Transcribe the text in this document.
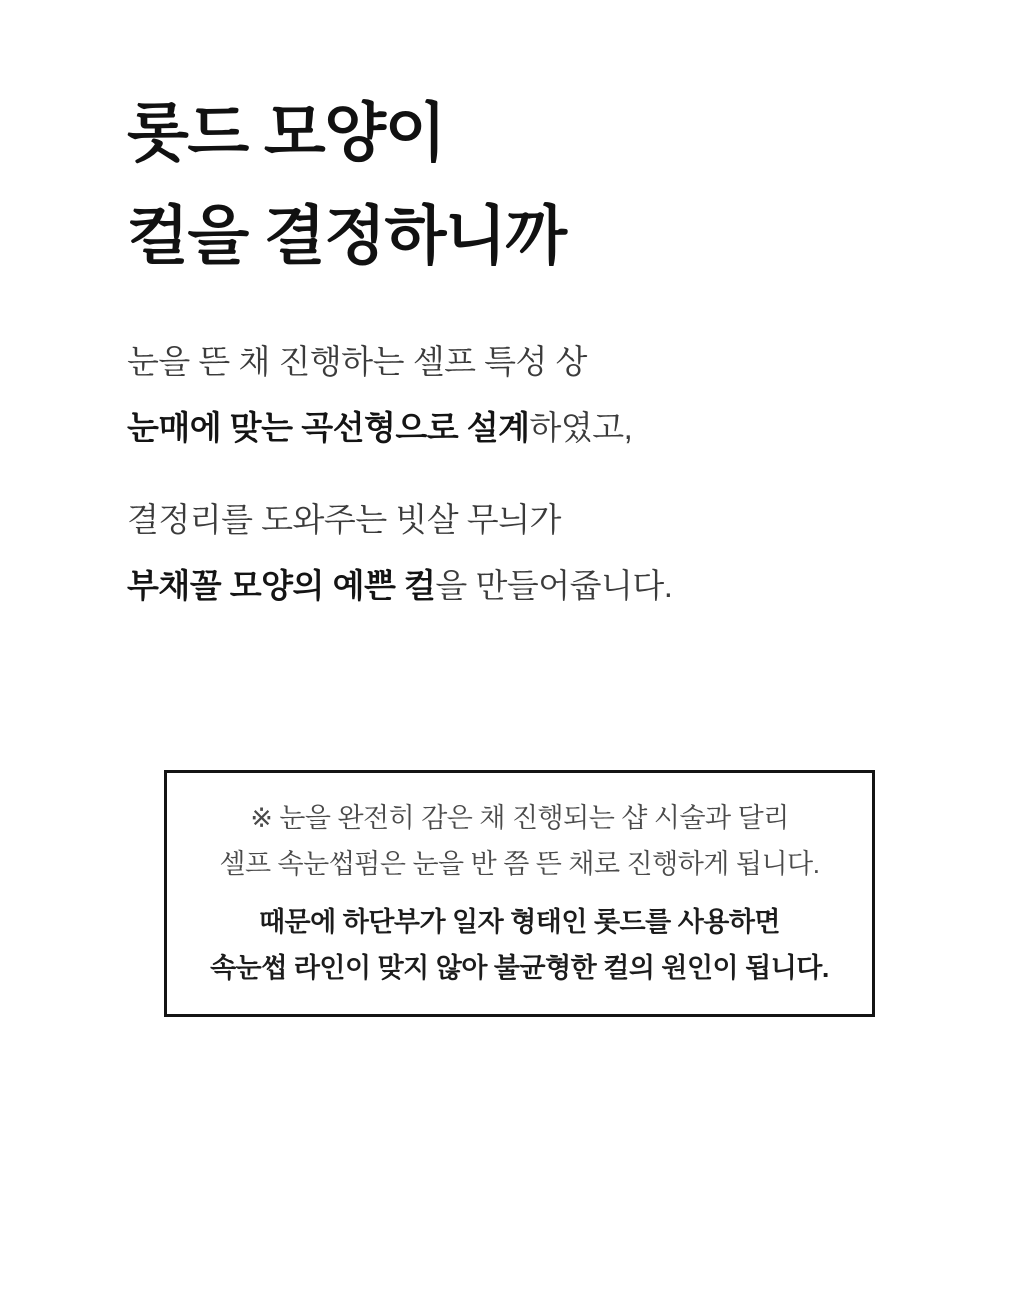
롯드 모양이
컬을 결정하니까

눈을 뜬 채 진행하는 셀프 특성 상
눈매에 맞는 곡선형으로 설계하였고,

결정리를 도와주는 빗살 무늬가
부채꼴 모양의 예쁜 컬을 만들어줍니다.

※ 눈을 완전히 감은 채 진행되는 샵 시술과 달리
셀프 속눈썹펌은 눈을 반 쯤 뜬 채로 진행하게 됩니다.

때문에 하단부가 일자 형태인 롯드를 사용하면
속눈썹 라인이 맞지 않아 불균형한 컬의 원인이 됩니다.
